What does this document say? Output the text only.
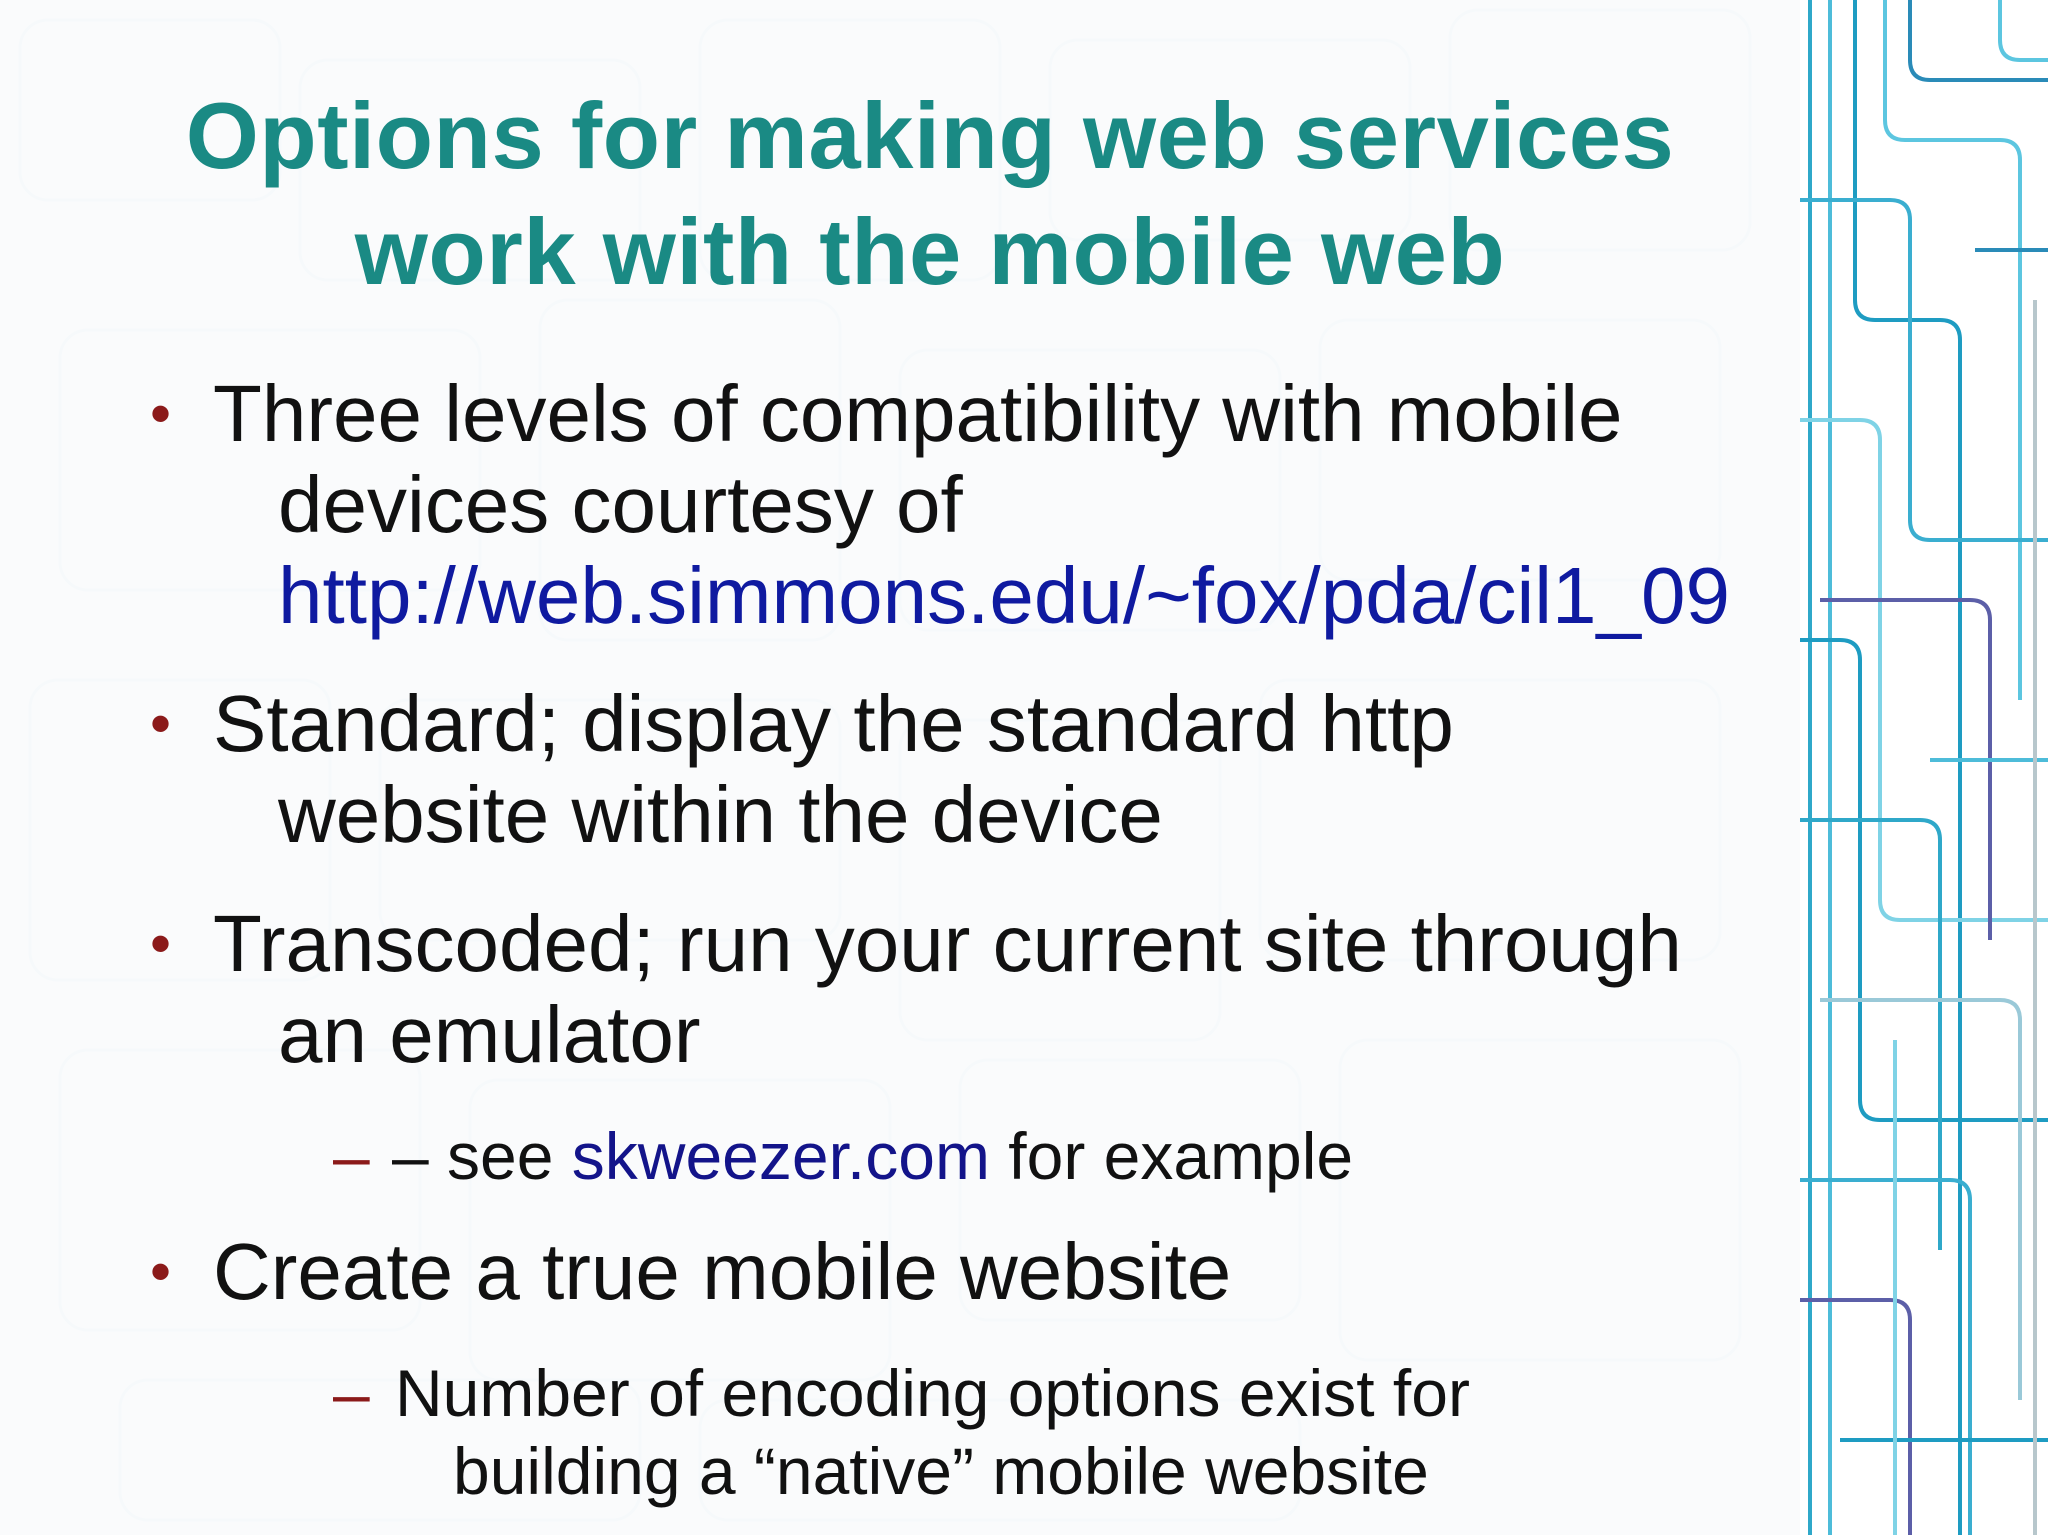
Options for making web services
work with the mobile web
• Three levels of compatibility with mobile
devices courtesy of
http://web.simmons.edu/~fox/pda/cil1_09
• Standard; display the standard http
website within the device
• Transcoded; run your current site through
an emulator
– – see skweezer.com for example
• Create a true mobile website
– Number of encoding options exist for
building a “native” mobile website
